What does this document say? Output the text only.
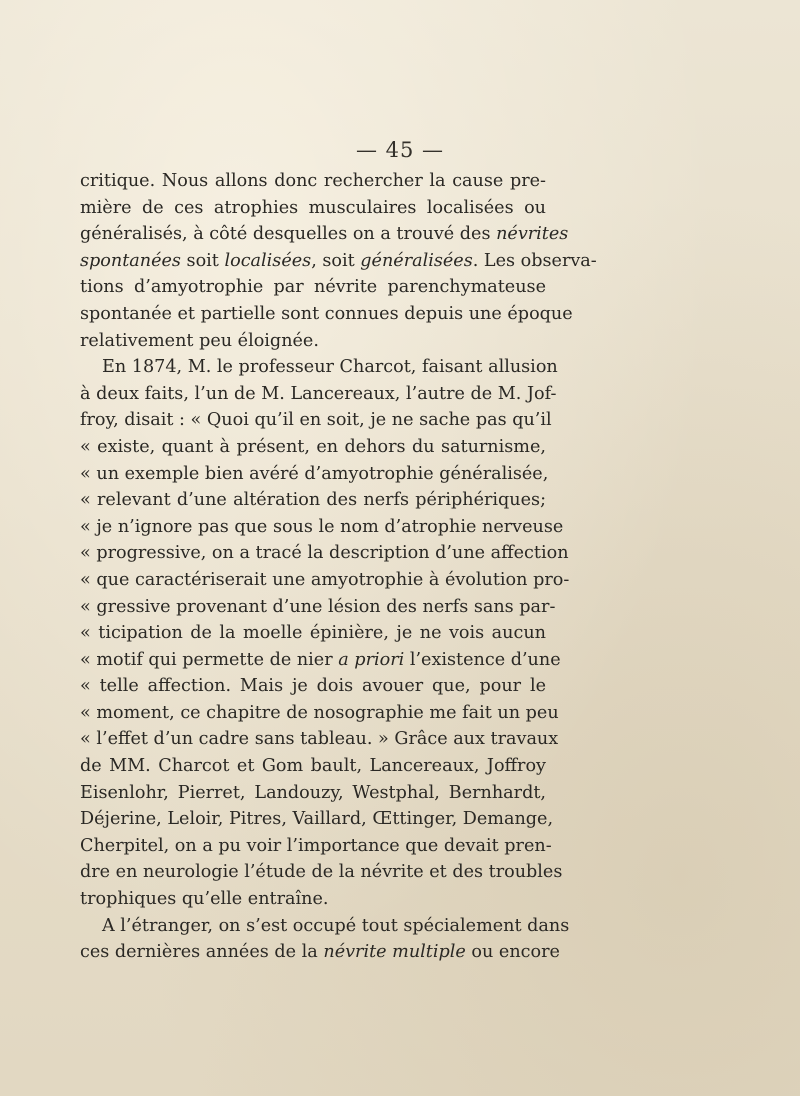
— 45 —
critique. Nous allons donc rechercher la cause pre-
mière de ces atrophies musculaires localisées ou
généralisés, à côté desquelles on a trouvé des névrites
spontanées soit localisées, soit généralisées. Les observa-
tions d’amyotrophie par névrite parenchymateuse
spontanée et partielle sont connues depuis une époque
relativement peu éloignée.
En 1874, M. le professeur Charcot, faisant allusion
à deux faits, l’un de M. Lancereaux, l’autre de M. Jof-
froy, disait : « Quoi qu’il en soit, je ne sache pas qu’il
« existe, quant à présent, en dehors du saturnisme,
« un exemple bien avéré d’amyotrophie généralisée,
« relevant d’une altération des nerfs périphériques;
« je n’ignore pas que sous le nom d’atrophie nerveuse
« progressive, on a tracé la description d’une affection
« que caractériserait une amyotrophie à évolution pro-
« gressive provenant d’une lésion des nerfs sans par-
« ticipation de la moelle épinière, je ne vois aucun
« motif qui permette de nier a priori l’existence d’une
« telle affection. Mais je dois avouer que, pour le
« moment, ce chapitre de nosographie me fait un peu
« l’effet d’un cadre sans tableau. » Grâce aux travaux
de MM. Charcot et Gom bault, Lancereaux, Joffroy
Eisenlohr, Pierret, Landouzy, Westphal, Bernhardt,
Déjerine, Leloir, Pitres, Vaillard, Œttinger, Demange,
Cherpitel, on a pu voir l’importance que devait pren-
dre en neurologie l’étude de la névrite et des troubles
trophiques qu’elle entraîne.
A l’étranger, on s’est occupé tout spécialement dans
ces dernières années de la névrite multiple ou encore
